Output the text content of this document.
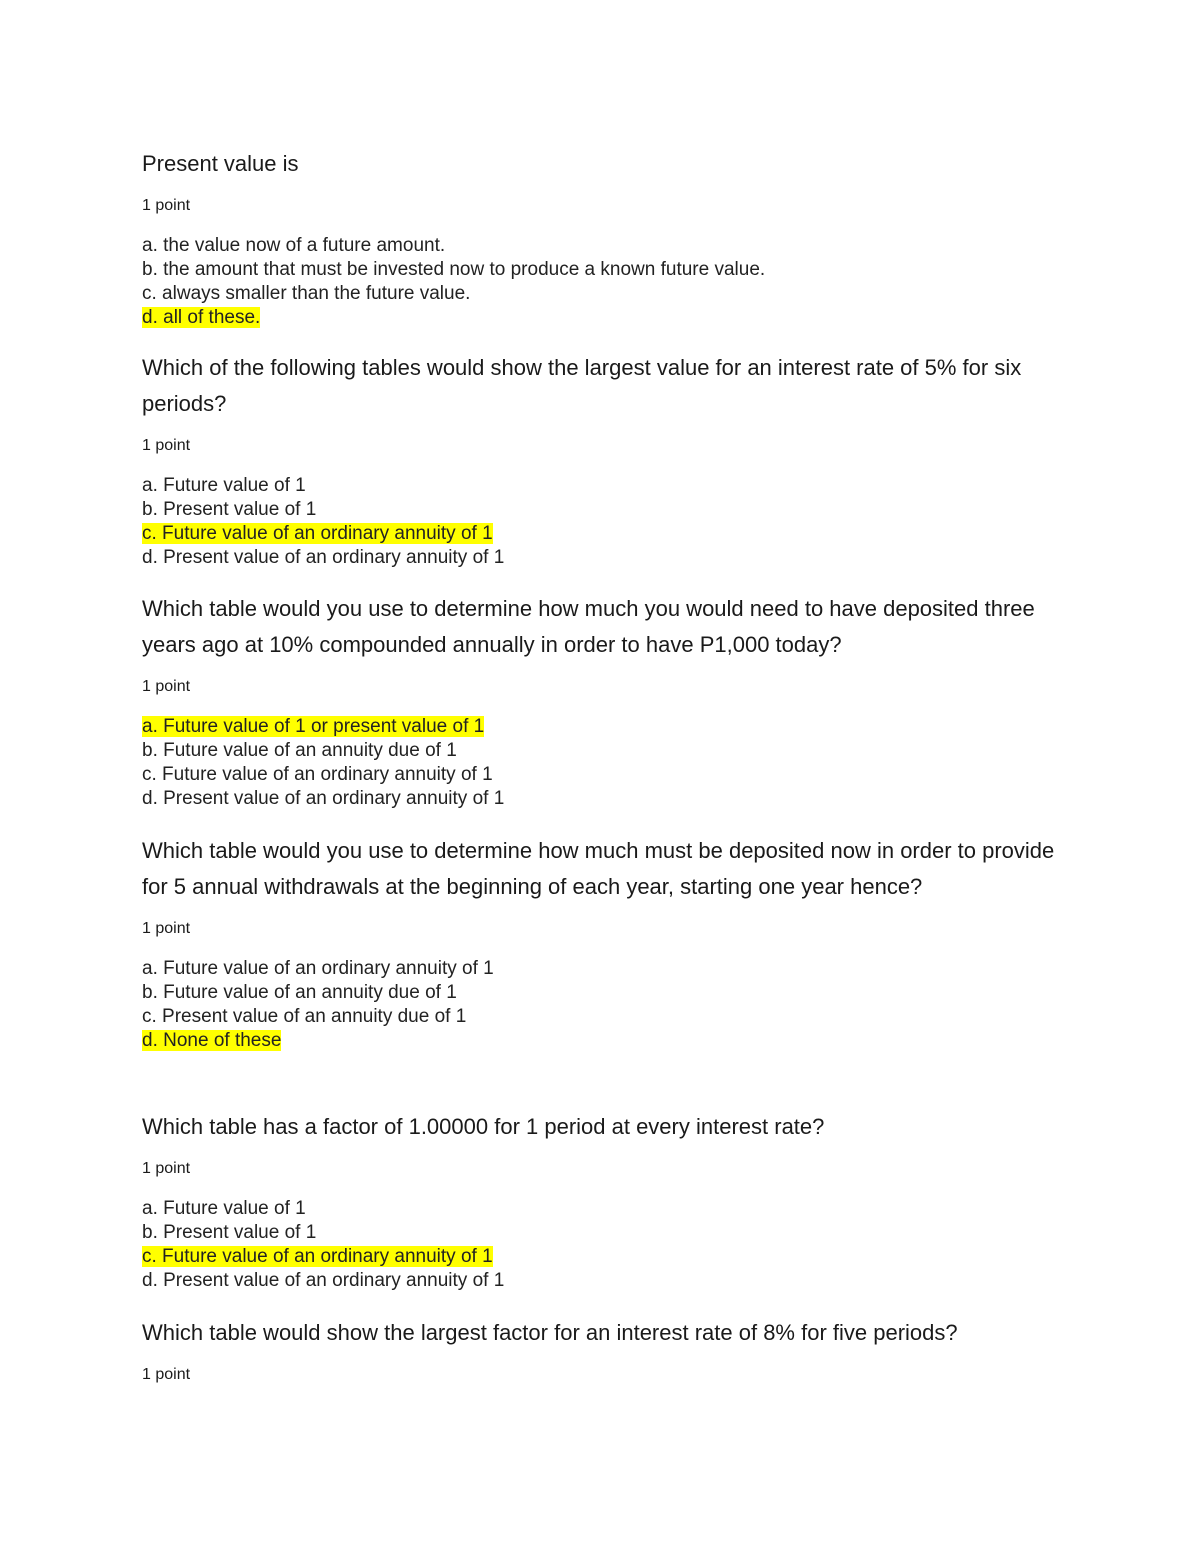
Present value is

1 point

a. the value now of a future amount.
b. the amount that must be invested now to produce a known future value.
c. always smaller than the future value.
d. all of these.

Which of the following tables would show the largest value for an interest rate of 5% for six periods?

1 point

a. Future value of 1
b. Present value of 1
c. Future value of an ordinary annuity of 1
d. Present value of an ordinary annuity of 1

Which table would you use to determine how much you would need to have deposited three years ago at 10% compounded annually in order to have P1,000 today?

1 point

a. Future value of 1 or present value of 1
b. Future value of an annuity due of 1
c. Future value of an ordinary annuity of 1
d. Present value of an ordinary annuity of 1

Which table would you use to determine how much must be deposited now in order to provide for 5 annual withdrawals at the beginning of each year, starting one year hence?

1 point

a. Future value of an ordinary annuity of 1
b. Future value of an annuity due of 1
c. Present value of an annuity due of 1
d. None of these

Which table has a factor of 1.00000 for 1 period at every interest rate?

1 point

a. Future value of 1
b. Present value of 1
c. Future value of an ordinary annuity of 1
d. Present value of an ordinary annuity of 1

Which table would show the largest factor for an interest rate of 8% for five periods?

1 point
